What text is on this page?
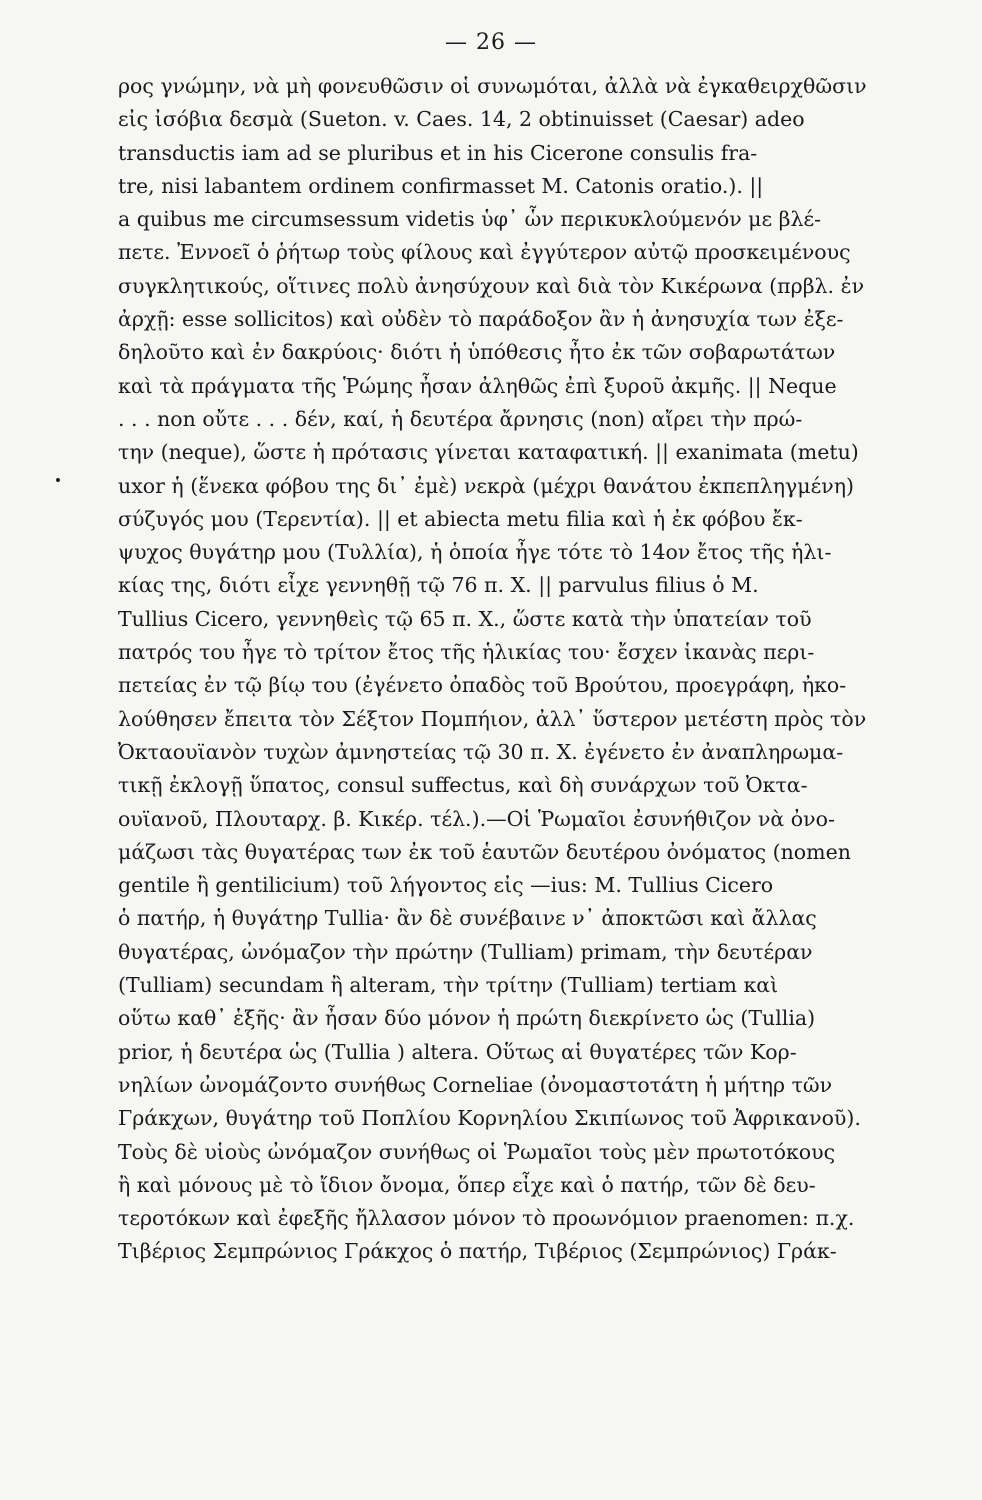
— 26 —
ρος γνώμην, νὰ μὴ φονευθῶσιν οἱ συνωμόται, ἀλλὰ νὰ ἐγκαθειρχθῶσιν
εἰς ἰσόβια δεσμὰ (Sueton. v. Caes. 14, 2 obtinuisset (Caesar) adeo
transductis iam ad se pluribus et in his Cicerone consulis fra-
tre, nisi labantem ordinem confirmasset M. Catonis oratio.). ||
a quibus me circumsessum videtis ὑφ᾽ ὧν περικυκλούμενόν με βλέ-
πετε. Ἐννοεῖ ὁ ῥήτωρ τοὺς φίλους καὶ ἐγγύτερον αὐτῷ προσκειμένους
συγκλητικούς, οἵτινες πολὺ ἀνησύχουν καὶ διὰ τὸν Κικέρωνα (πρβλ. ἐν
ἀρχῇ: esse sollicitos) καὶ οὐδὲν τὸ παράδοξον ἂν ἡ ἀνησυχία των ἐξε-
δηλοῦτο καὶ ἐν δακρύοις· διότι ἡ ὑπόθεσις ἦτο ἐκ τῶν σοβαρωτάτων
καὶ τὰ πράγματα τῆς Ῥώμης ἦσαν ἀληθῶς ἐπὶ ξυροῦ ἀκμῆς. || Neque
. . . non οὔτε . . . δέν, καί, ἡ δευτέρα ἄρνησις (non) αἴρει τὴν πρώ-
την (neque), ὥστε ἡ πρότασις γίνεται καταφατική. || exanimata (metu)
uxor ἡ (ἕνεκα φόβου της δι᾽ ἐμὲ) νεκρὰ (μέχρι θανάτου ἐκπεπληγμένη)
σύζυγός μου (Τερεντία). || et abiecta metu filia καὶ ἡ ἐκ φόβου ἔκ-
ψυχος θυγάτηρ μου (Τυλλία), ἡ ὁποία ἦγε τότε τὸ 14ον ἔτος τῆς ἡλι-
κίας της, διότι εἶχε γεννηθῇ τῷ 76 π. Χ. || parvulus filius ὁ Μ.
Tullius Cicero, γεννηθεὶς τῷ 65 π. Χ., ὥστε κατὰ τὴν ὑπατείαν τοῦ
πατρός του ἦγε τὸ τρίτον ἔτος τῆς ἡλικίας του· ἔσχεν ἱκανὰς περι-
πετείας ἐν τῷ βίῳ του (ἐγένετο ὀπαδὸς τοῦ Βρούτου, προεγράφη, ἠκο-
λούθησεν ἔπειτα τὸν Σέξτον Πομπήιον, ἀλλ᾽ ὕστερον μετέστη πρὸς τὸν
Ὀκταουϊανὸν τυχὼν ἀμνηστείας τῷ 30 π. Χ. ἐγένετο ἐν ἀναπληρωμα-
τικῇ ἐκλογῇ ὕπατος, consul suffectus, καὶ δὴ συνάρχων τοῦ Ὀκτα-
ουϊανοῦ, Πλουταρχ. β. Κικέρ. τέλ.).—Οἱ Ῥωμαῖοι ἐσυνήθιζον νὰ ὀνο-
μάζωσι τὰς θυγατέρας των ἐκ τοῦ ἑαυτῶν δευτέρου ὀνόματος (nomen
gentile ἢ gentilicium) τοῦ λήγοντος εἰς —ius: M. Tullius Cicero
ὁ πατήρ, ἡ θυγάτηρ Tullia· ἂν δὲ συνέβαινε ν᾽ ἀποκτῶσι καὶ ἄλλας
θυγατέρας, ὠνόμαζον τὴν πρώτην (Tulliam) primam, τὴν δευτέραν
(Tulliam) secundam ἢ alteram, τὴν τρίτην (Tulliam) tertiam καὶ
οὕτω καθ᾽ ἑξῆς· ἂν ἦσαν δύο μόνον ἡ πρώτη διεκρίνετο ὡς (Tullia)
prior, ἡ δευτέρα ὡς (Tullia ) altera. Οὕτως αἱ θυγατέρες τῶν Κορ-
νηλίων ὠνομάζοντο συνήθως Corneliae (ὀνομαστοτάτη ἡ μήτηρ τῶν
Γράκχων, θυγάτηρ τοῦ Ποπλίου Κορνηλίου Σκιπίωνος τοῦ Ἀφρικανοῦ).
Τοὺς δὲ υἱοὺς ὠνόμαζον συνήθως οἱ Ῥωμαῖοι τοὺς μὲν πρωτοτόκους
ἢ καὶ μόνους μὲ τὸ ἴδιον ὄνομα, ὅπερ εἶχε καὶ ὁ πατήρ, τῶν δὲ δευ-
τεροτόκων καὶ ἐφεξῆς ἤλλασον μόνον τὸ προωνόμιον praenomen: π.χ.
Τιβέριος Σεμπρώνιος Γράκχος ὁ πατήρ, Τιβέριος (Σεμπρώνιος) Γράκ-
